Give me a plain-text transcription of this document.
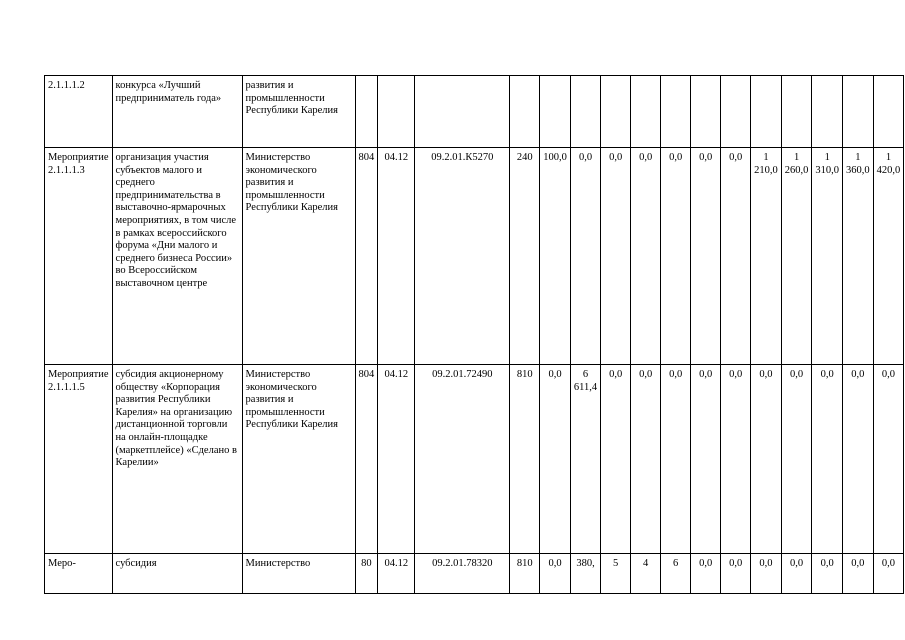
2.1.1.1.2	конкурса «Лучший предприниматель года»	развития и промышленности Республики Карелия																
Мероприятие 2.1.1.1.3	организация участия субъектов малого и среднего предпринимательства в выставочно-ярмарочных мероприятиях, в том числе в рамках всероссийского форума «Дни малого и среднего бизнеса России» во Всероссийском выставочном центре	Министерство экономического развития и промышленности Республики Карелия	804	04.12	09.2.01.К5270	240	100,0	0,0	0,0	0,0	0,0	0,0	0,0	1 210,0	1 260,0	1 310,0	1 360,0	1 420,0
Мероприятие 2.1.1.1.5	субсидия акционерному обществу «Корпорация развития Республики Карелия» на организацию дистанционной торговли на онлайн-площадке (маркетплейсе) «Сделано в Карелии»	Министерство экономического развития и промышленности Республики Карелия	804	04.12	09.2.01.72490	810	0,0	6 611,4	0,0	0,0	0,0	0,0	0,0	0,0	0,0	0,0	0,0	0,0
Меро-	субсидия	Министерство	80	04.12	09.2.01.78320	810	0,0	380,	5	4	6	0,0	0,0	0,0	0,0	0,0	0,0	0,0
